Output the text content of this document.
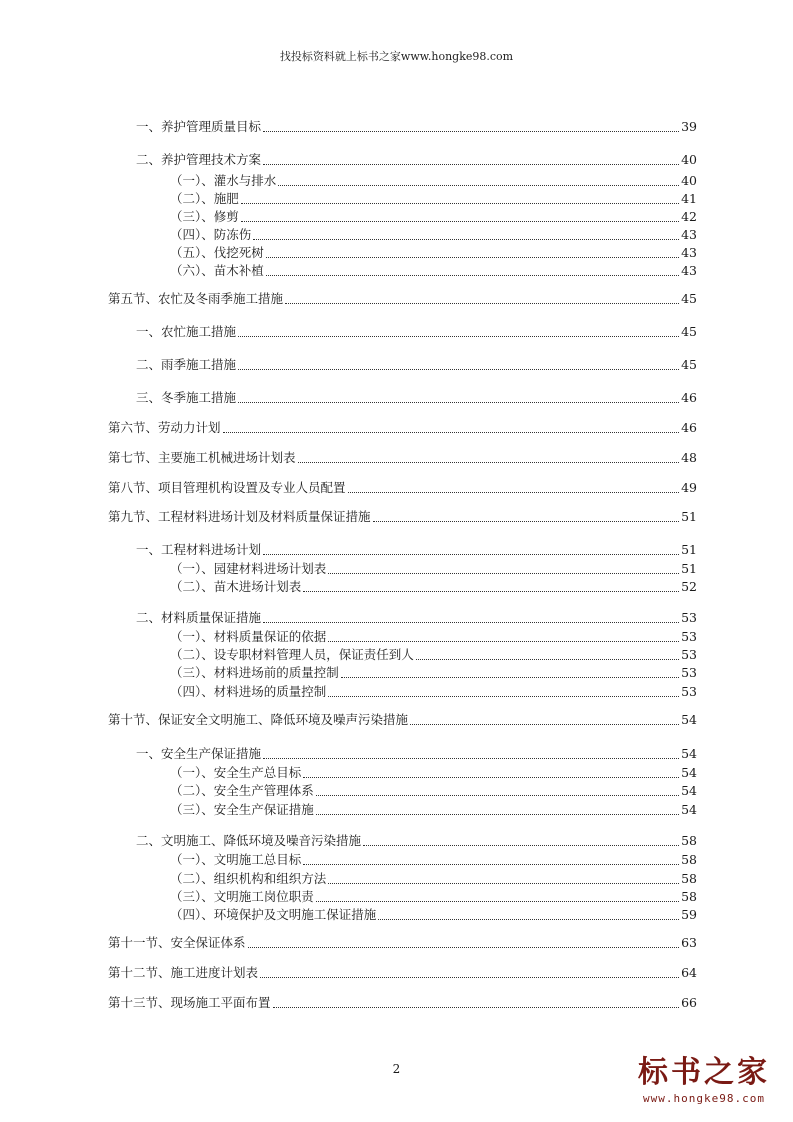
找投标资料就上标书之家www.hongke98.com
一、养护管理质量目标	39
二、养护管理技术方案	40
（一）、灌水与排水	40
（二）、施肥	41
（三）、修剪	42
（四）、防冻伤	43
（五）、伐挖死树	43
（六）、苗木补植	43
第五节、农忙及冬雨季施工措施	45
一、农忙施工措施	45
二、雨季施工措施	45
三、冬季施工措施	46
第六节、劳动力计划	46
第七节、主要施工机械进场计划表	48
第八节、项目管理机构设置及专业人员配置	49
第九节、工程材料进场计划及材料质量保证措施	51
一、工程材料进场计划	51
（一）、园建材料进场计划表	51
（二）、苗木进场计划表	52
二、材料质量保证措施	53
（一）、材料质量保证的依据	53
（二）、设专职材料管理人员，保证责任到人	53
（三）、材料进场前的质量控制	53
（四）、材料进场的质量控制	53
第十节、保证安全文明施工、降低环境及噪声污染措施	54
一、安全生产保证措施	54
（一）、安全生产总目标	54
（二）、安全生产管理体系	54
（三）、安全生产保证措施	54
二、文明施工、降低环境及噪音污染措施	58
（一）、文明施工总目标	58
（二）、组织机构和组织方法	58
（三）、文明施工岗位职责	58
（四）、环境保护及文明施工保证措施	59
第十一节、安全保证体系	63
第十二节、施工进度计划表	64
第十三节、现场施工平面布置	66
2	标书之家
www.hongke98.com
